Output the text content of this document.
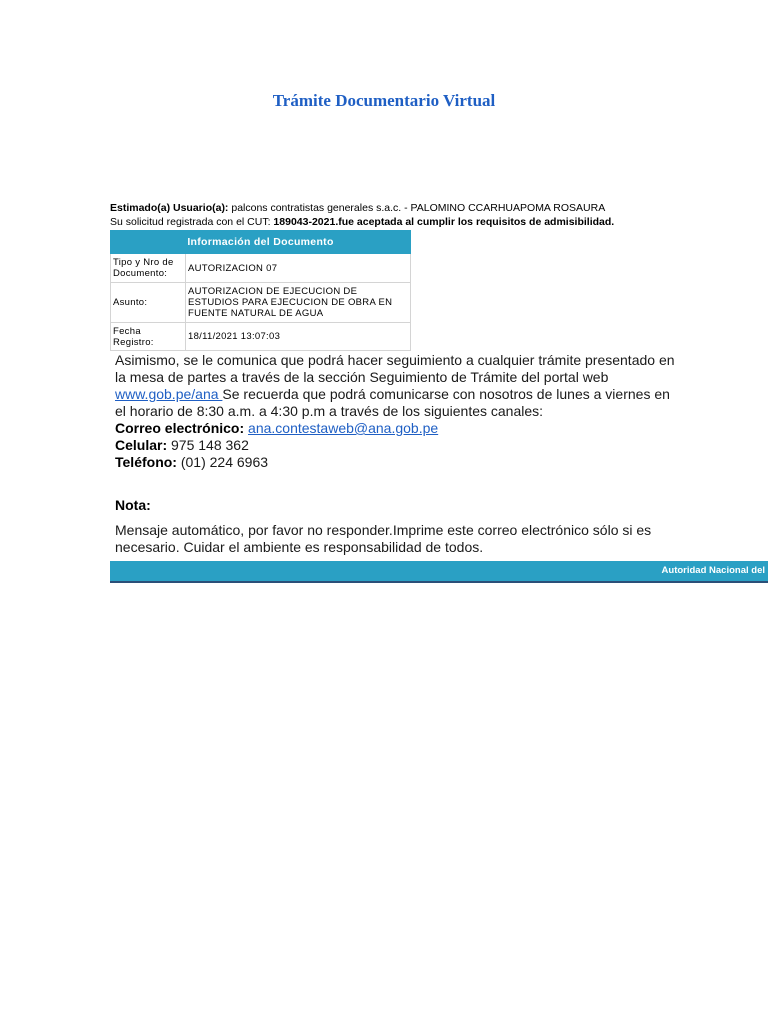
Trámite Documentario Virtual
Estimado(a) Usuario(a): palcons contratistas generales s.a.c. - PALOMINO CCARHUAPOMA ROSAURA
Su solicitud registrada con el CUT: 189043-2021.fue aceptada al cumplir los requisitos de admisibilidad.
Información del Documento	
Tipo y Nro de Documento:	AUTORIZACION 07
Asunto:	AUTORIZACION DE EJECUCION DE ESTUDIOS PARA EJECUCION DE OBRA EN FUENTE NATURAL DE AGUA
Fecha Registro:	18/11/2021 13:07:03
Asimismo, se le comunica que podrá hacer seguimiento a cualquier trámite presentado en la mesa de partes a través de la sección Seguimiento de Trámite del portal web www.gob.pe/ana Se recuerda que podrá comunicarse con nosotros de lunes a viernes en el horario de 8:30 a.m. a 4:30 p.m a través de los siguientes canales:
Correo electrónico: ana.contestaweb@ana.gob.pe
Celular: 975 148 362
Teléfono: (01) 224 6963
Nota:
Mensaje automático, por favor no responder.Imprime este correo electrónico sólo si es necesario. Cuidar el ambiente es responsabilidad de todos.
Autoridad Nacional del
